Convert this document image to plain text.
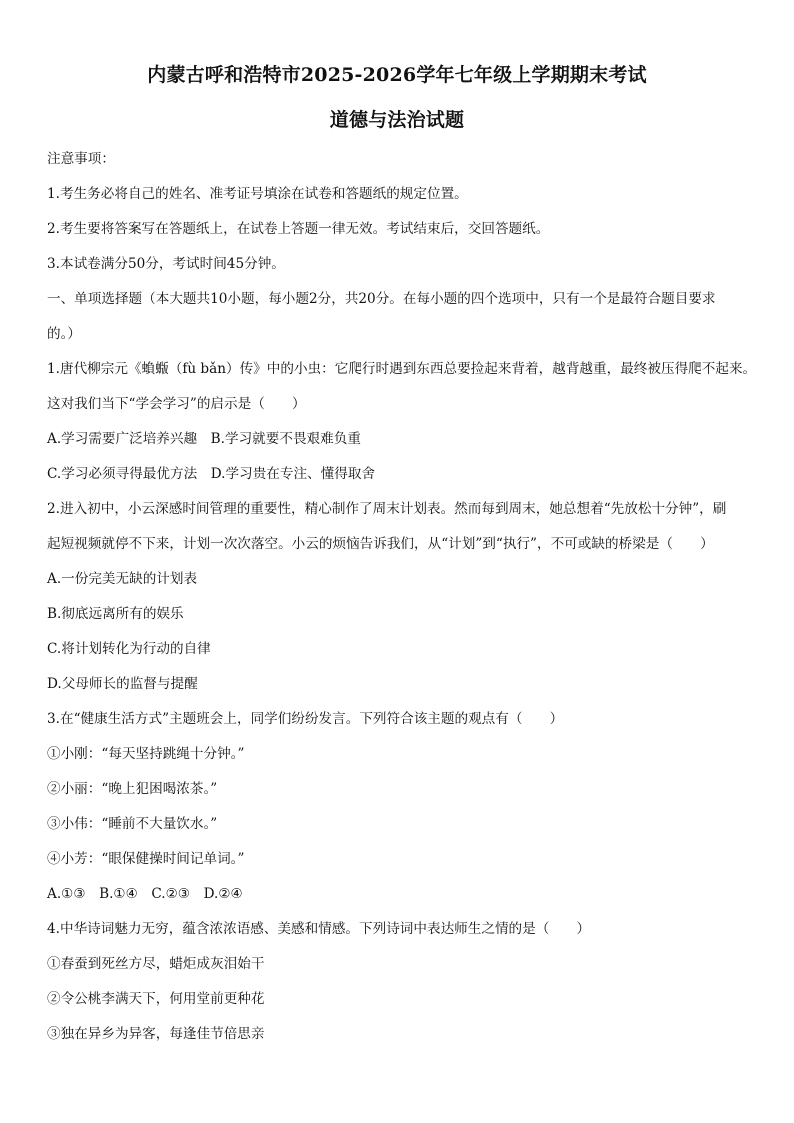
内蒙古呼和浩特市2025-2026学年七年级上学期期末考试
道德与法治试题
注意事项：
1.考生务必将自己的姓名、准考证号填涂在试卷和答题纸的规定位置。
2.考生要将答案写在答题纸上，在试卷上答题一律无效。考试结束后，交回答题纸。
3.本试卷满分50分，考试时间45分钟。
一、单项选择题（本大题共10小题，每小题2分，共20分。在每小题的四个选项中，只有一个是最符合题目要求
的。）
1.唐代柳宗元《蝜蝂（fù bǎn）传》中的小虫：它爬行时遇到东西总要捡起来背着，越背越重，最终被压得爬不起来。
这对我们当下“学会学习”的启示是（　　）
A.学习需要广泛培养兴趣　B.学习就要不畏艰难负重
C.学习必须寻得最优方法　D.学习贵在专注、懂得取舍
2.进入初中，小云深感时间管理的重要性，精心制作了周末计划表。然而每到周末，她总想着“先放松十分钟”，刷
起短视频就停不下来，计划一次次落空。小云的烦恼告诉我们，从“计划”到“执行”，不可或缺的桥梁是（　　）
A.一份完美无缺的计划表
B.彻底远离所有的娱乐
C.将计划转化为行动的自律
D.父母师长的监督与提醒
3.在“健康生活方式”主题班会上，同学们纷纷发言。下列符合该主题的观点有（　　）
①小刚：“每天坚持跳绳十分钟。”
②小丽：“晚上犯困喝浓茶。”
③小伟：“睡前不大量饮水。”
④小芳：“眼保健操时间记单词。”
A.①③　B.①④　C.②③　D.②④
4.中华诗词魅力无穷，蕴含浓浓语感、美感和情感。下列诗词中表达师生之情的是（　　）
①春蚕到死丝方尽，蜡炬成灰泪始干
②令公桃李满天下，何用堂前更种花
③独在异乡为异客，每逢佳节倍思亲
